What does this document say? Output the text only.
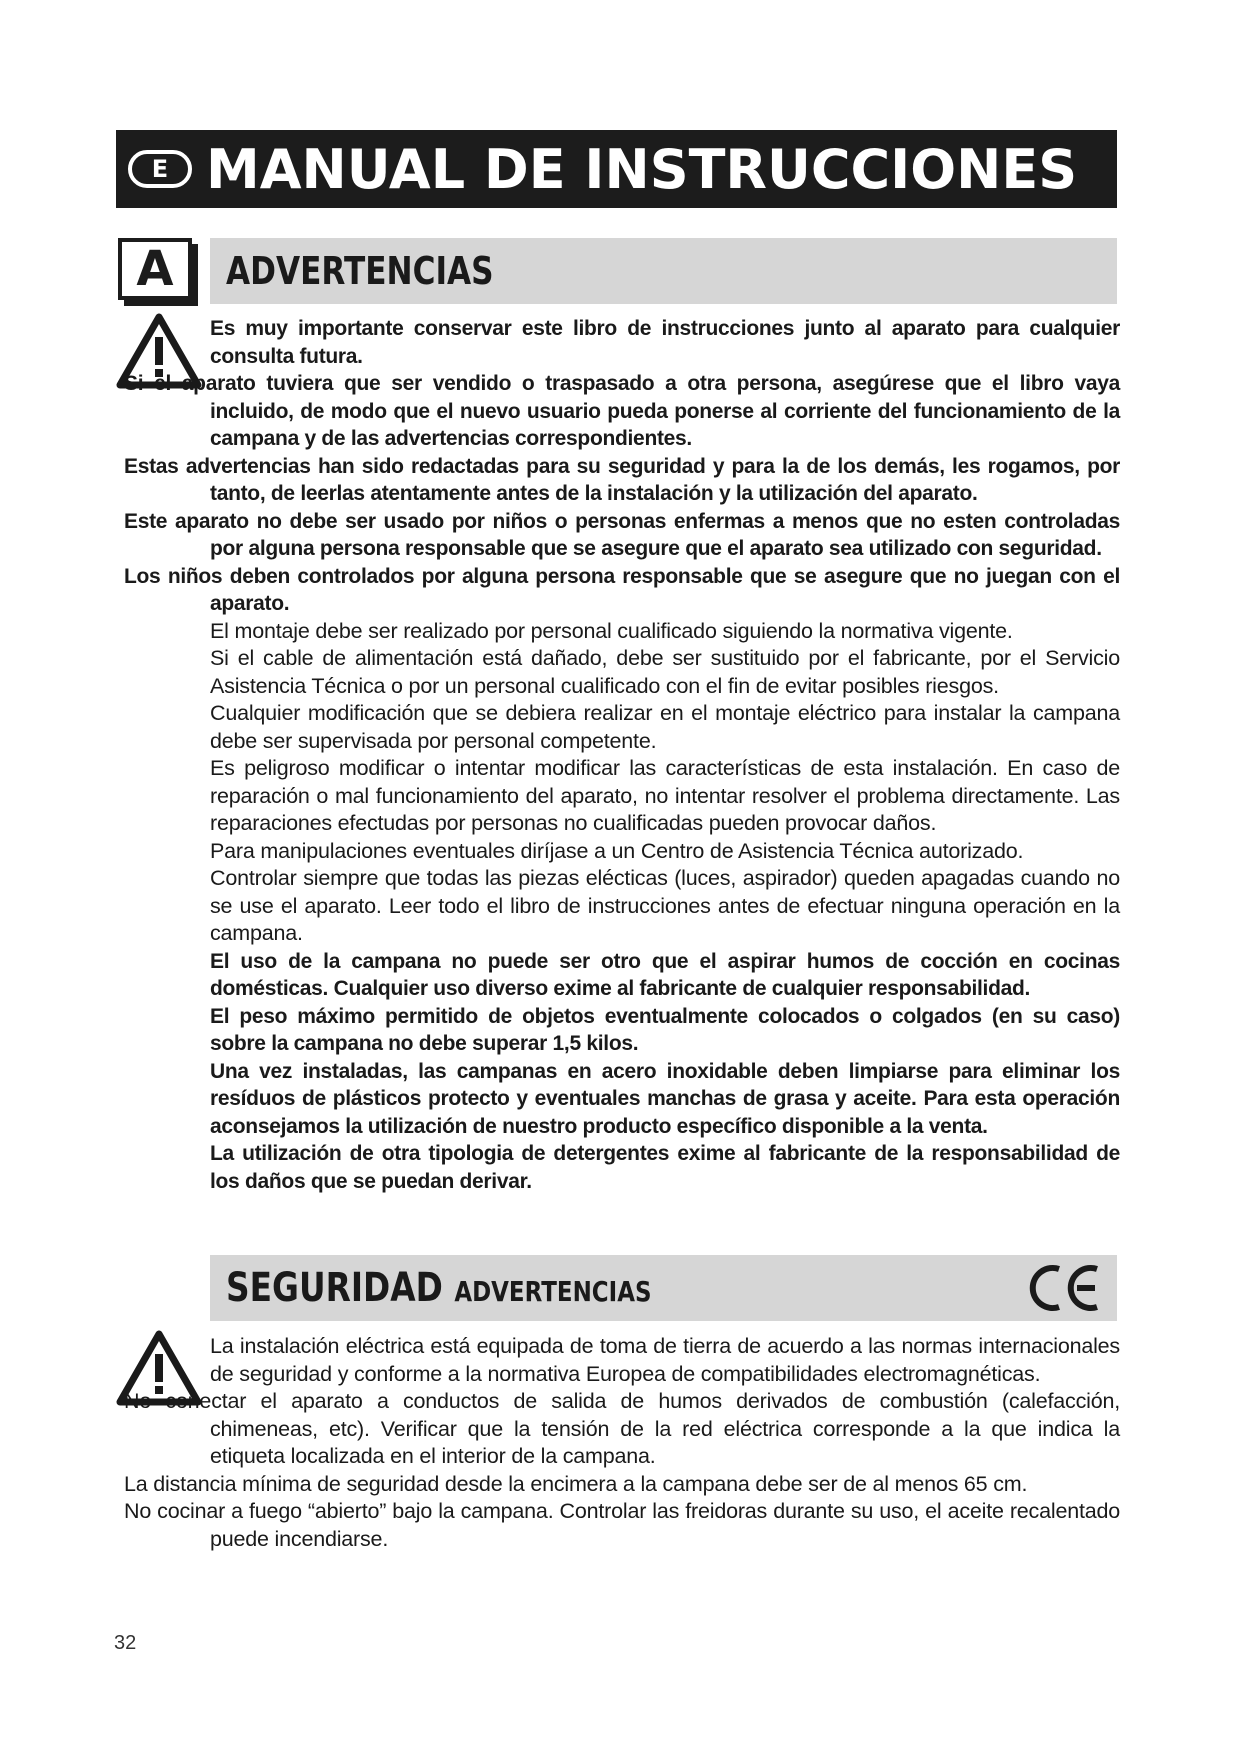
E MANUAL DE INSTRUCCIONES
A	ADVERTENCIAS

Es muy importante conservar este libro de instrucciones junto al aparato para cualquier consulta futura.

Si el aparato tuviera que ser vendido o traspasado a otra persona, asegúrese que el libro vaya incluido, de modo que el nuevo usuario pueda ponerse al corriente del funcionamiento de la campana y de las advertencias correspondientes.

Estas advertencias han sido redactadas para su seguridad y para la de los demás, les rogamos, por tanto, de leerlas atentamente antes de la instalación y la utilización del aparato.

Este aparato no debe ser usado por niños o personas enfermas a menos que no esten controladas por alguna persona responsable que se asegure que el aparato sea utilizado con seguridad.

Los niños deben controlados por alguna persona responsable que se asegure que no juegan con el aparato.

El montaje debe ser realizado por personal cualificado siguiendo la normativa vigente.

Si el cable de alimentación está dañado, debe ser sustituido por el fabricante, por el Servicio Asistencia Técnica o por un personal cualificado con el fin de evitar posibles riesgos.

Cualquier modificación que se debiera realizar en el montaje eléctrico para instalar la campana debe ser supervisada por personal competente.

Es peligroso modificar o intentar modificar las características de esta instalación. En caso de reparación o mal funcionamiento del aparato, no intentar resolver el problema directamente. Las reparaciones efectudas por personas no cualificadas pueden provocar daños.

Para manipulaciones eventuales diríjase a un Centro de Asistencia Técnica autorizado.

Controlar siempre que todas las piezas elécticas (luces, aspirador) queden apagadas cuando no se use el aparato. Leer todo el libro de instrucciones antes de efectuar ninguna operación en la campana.

El uso de la campana no puede ser otro que el aspirar humos de cocción en cocinas domésticas. Cualquier uso diverso exime al fabricante de cualquier responsabilidad.

El peso máximo permitido de objetos eventualmente colocados o colgados (en su caso) sobre la campana no debe superar 1,5 kilos.

Una vez instaladas, las campanas en acero inoxidable deben limpiarse para eliminar los resíduos de plásticos protecto y eventuales manchas de grasa y aceite. Para esta operación aconsejamos la utilización de nuestro producto específico disponible a la venta.

La utilización de otra tipologia de detergentes exime al fabricante de la responsabilidad de los daños que se puedan derivar.

SEGURIDAD ADVERTENCIAS

La instalación eléctrica está equipada de toma de tierra de acuerdo a las normas internacionales de seguridad y conforme a la normativa Europea de compatibilidades electromagnéticas.

No conectar el aparato a conductos de salida de humos derivados de combustión (calefacción, chimeneas, etc). Verificar que la tensión de la red eléctrica corresponde a la que indica la etiqueta localizada en el interior de la campana.

La distancia mínima de seguridad desde la encimera a la campana debe ser de al menos 65 cm.

No cocinar a fuego “abierto” bajo la campana. Controlar las freidoras durante su uso, el aceite recalentado puede incendiarse.

32
